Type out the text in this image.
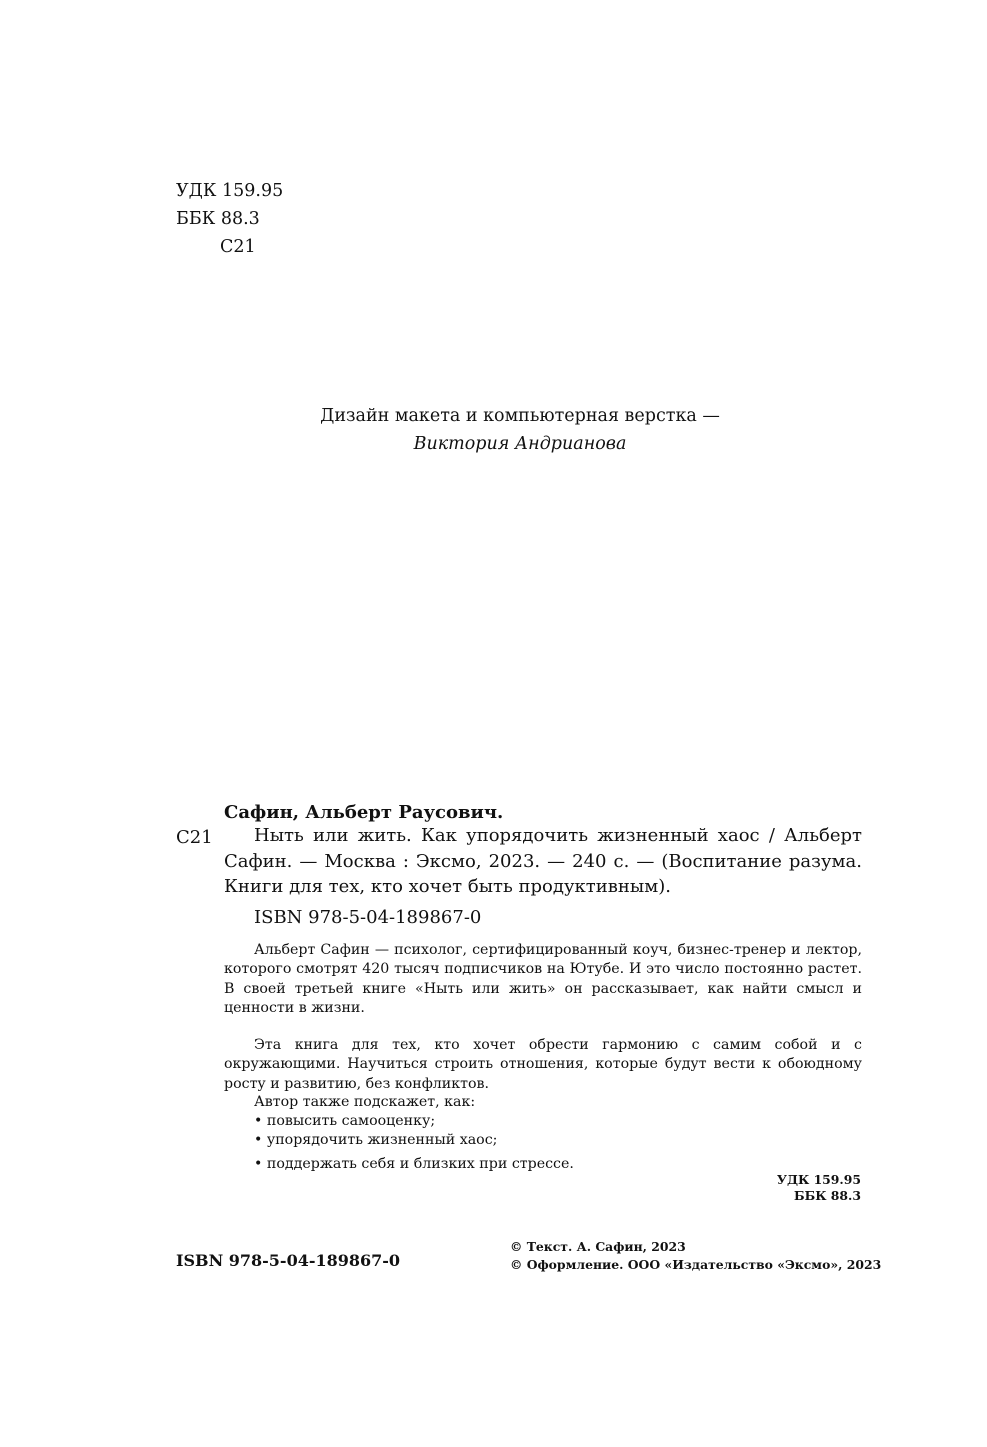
УДК 159.95
ББК 88.3
С21
Дизайн макета и компьютерная верстка —
Виктория Андрианова
Сафин, Альберт Раусович.
С21	Ныть или жить. Как упорядочить жизненный хаос / Альберт Сафин. — Москва : Эксмо, 2023. — 240 с. — (Воспитание разума. Книги для тех, кто хочет быть продуктивным).
ISBN 978-5-04-189867-0

Альберт Сафин — психолог, сертифицированный коуч, бизнес-тренер и лектор, которого смотрят 420 тысяч подписчиков на Ютубе. И это число постоянно растет. В своей третьей книге «Ныть или жить» он рассказывает, как найти смысл и ценности в жизни.

Эта книга для тех, кто хочет обрести гармонию с самим собой и с окружающими. Научиться строить отношения, которые будут вести к обоюдному росту и развитию, без конфликтов.

Автор также подскажет, как:
• повысить самооценку;
• упорядочить жизненный хаос;
• поддержать себя и близких при стрессе.
УДК 159.95
ББК 88.3
ISBN 978-5-04-189867-0
© Текст. А. Сафин, 2023
© Оформление. ООО «Издательство «Эксмо», 2023
